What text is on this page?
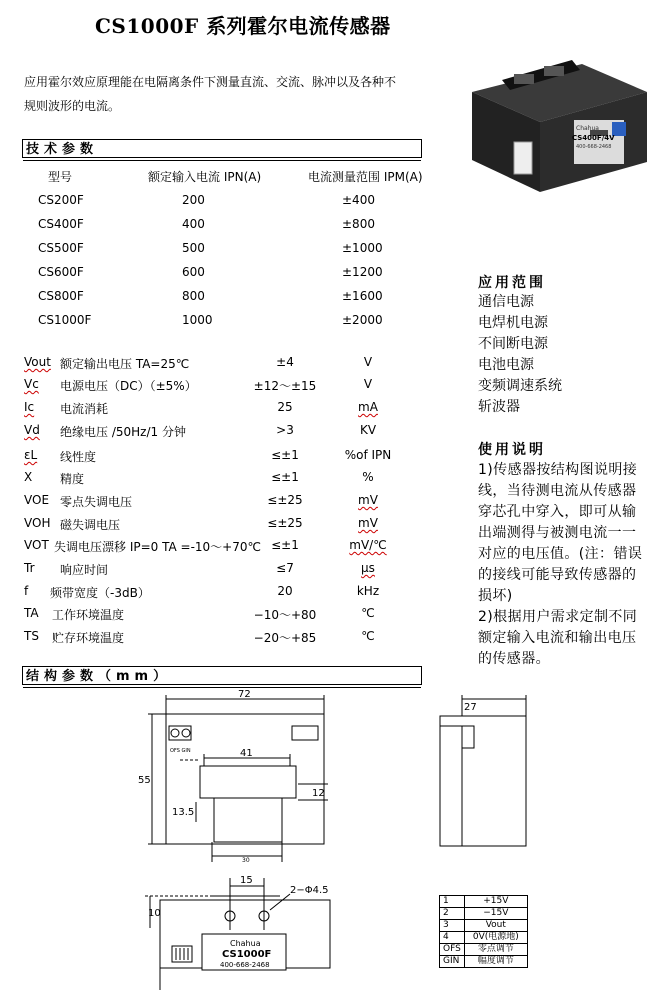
CS1000F 系列霍尔电流传感器
应用霍尔效应原理能在电隔离条件下测量直流、交流、脉冲以及各种不
规则波形的电流。
Chahua
CS400F/4V
400-668-2468
技术参数
型号	额定输入电流 IPN(A)	电流测量范围 IPM(A)
CS200F	200	±400
CS400F	400	±800
CS500F	500	±1000
CS600F	600	±1200
CS800F	800	±1600
CS1000F	1000	±2000
Vout 额定输出电压 TA=25℃	±4	V
Vc 电源电压（DC）（±5%）	±12～±15	V
Ic 电流消耗	25	mA
Vd 绝缘电压 /50Hz/1 分钟	>3	KV
εL 线性度	≤±1	%of IPN
X 精度	≤±1	%
VOE 零点失调电压	≤±25	mV
VOH 磁失调电压	≤±25	mV
VOT 失调电压漂移 IP=0 TA =-10～+70℃ ≤±1	mV/℃
Tr 响应时间	≤7	μs
f 频带宽度（-3dB）	20	kHz
TA 工作环境温度	−10～+80	℃
TS 贮存环境温度	−20～+85	℃
应用范围
通信电源
电焊机电源
不间断电源
电池电源
变频调速系统
斩波器
使用说明
1)传感器按结构图说明接线，当待测电流从传感器穿芯孔中穿入，即可从输出端测得与被测电流一一对应的电压值。(注：错误的接线可能导致传感器的损坏)
2)根据用户需求定制不同额定输入电流和输出电压的传感器。
结构参数（mm）
72
55
41
12
13.5
30
27
15
10
2−Φ4.5
OFS GIN
Chahua
CS1000F
400-668-2468
1	+15V
2	−15V
3	Vout
4	0V(电源地)
OFS	零点调节
GIN	幅度调节
